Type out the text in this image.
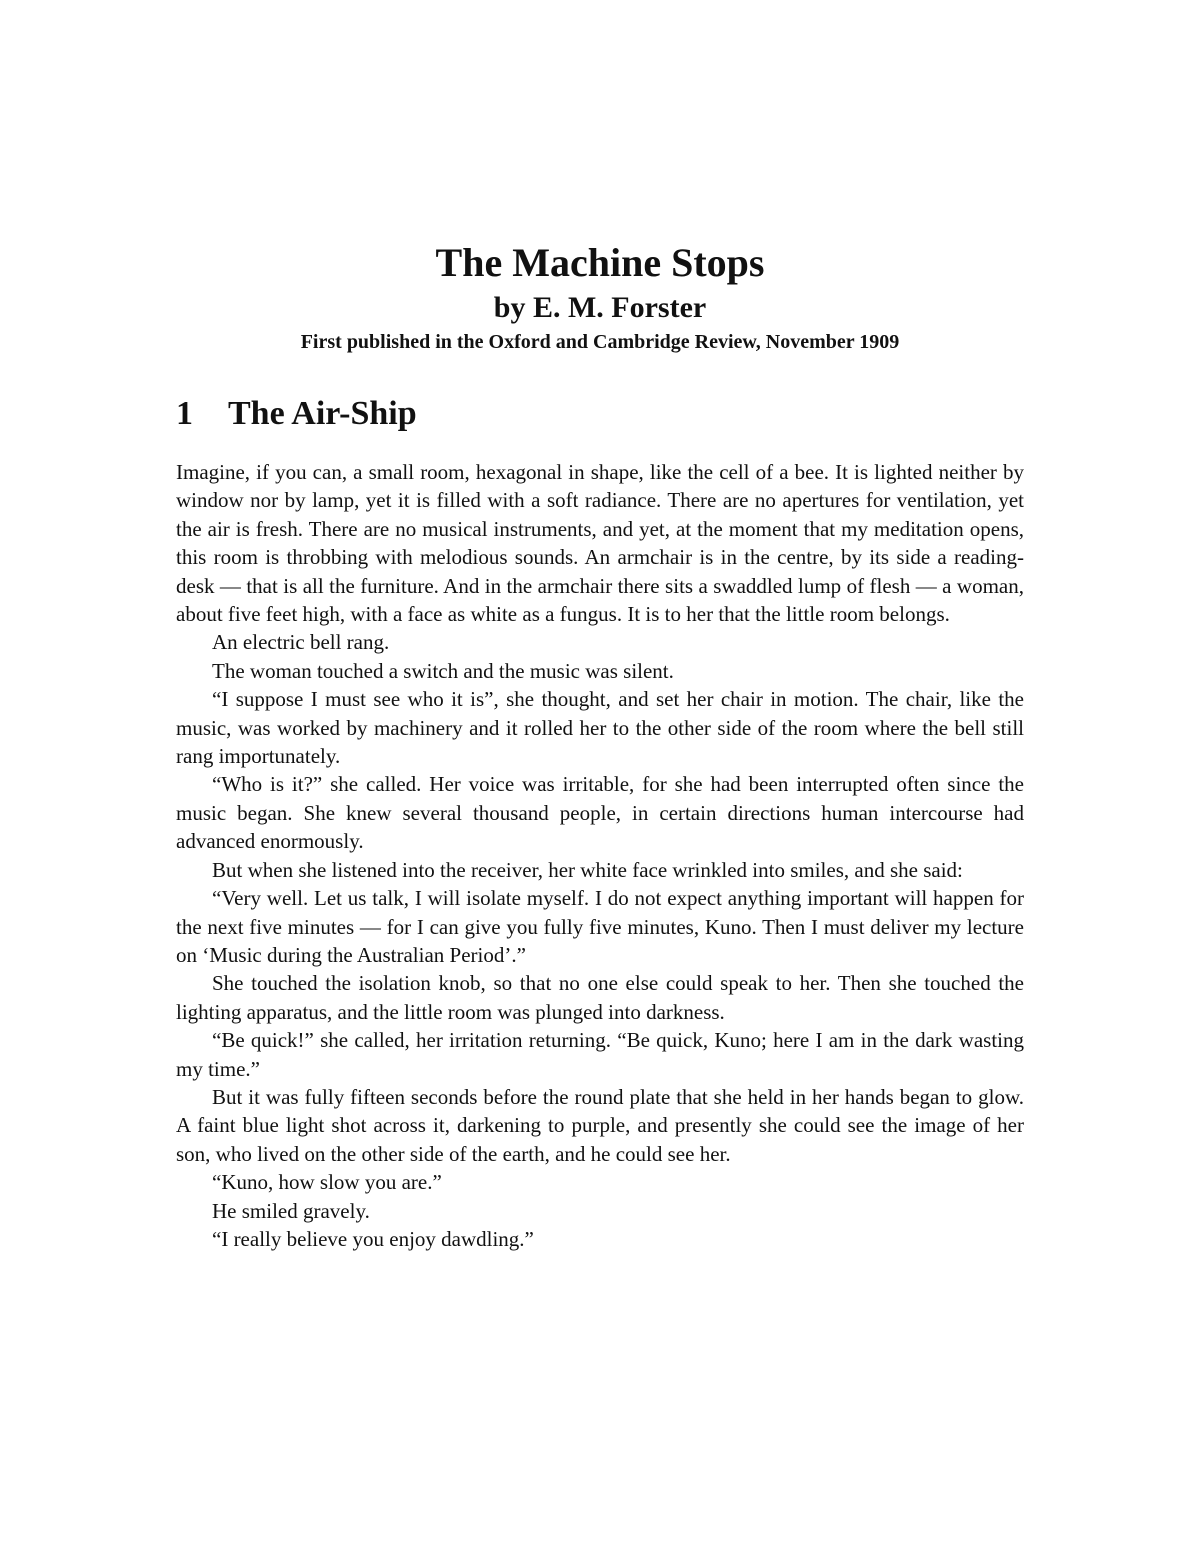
The Machine Stops
by E. M. Forster
First published in the Oxford and Cambridge Review, November 1909
1 The Air-Ship

Imagine, if you can, a small room, hexagonal in shape, like the cell of a bee. It is lighted neither by window nor by lamp, yet it is filled with a soft radiance. There are no apertures for ventilation, yet the air is fresh. There are no musical instruments, and yet, at the moment that my meditation opens, this room is throbbing with melodious sounds. An armchair is in the centre, by its side a reading-desk — that is all the furniture. And in the armchair there sits a swaddled lump of flesh — a woman, about five feet high, with a face as white as a fungus. It is to her that the little room belongs.

An electric bell rang.

The woman touched a switch and the music was silent.

“I suppose I must see who it is”, she thought, and set her chair in motion. The chair, like the music, was worked by machinery and it rolled her to the other side of the room where the bell still rang importunately.

“Who is it?” she called. Her voice was irritable, for she had been interrupted often since the music began. She knew several thousand people, in certain directions human intercourse had advanced enormously.

But when she listened into the receiver, her white face wrinkled into smiles, and she said:

“Very well. Let us talk, I will isolate myself. I do not expect anything important will happen for the next five minutes — for I can give you fully five minutes, Kuno. Then I must deliver my lecture on ‘Music during the Australian Period’.”

She touched the isolation knob, so that no one else could speak to her. Then she touched the lighting apparatus, and the little room was plunged into darkness.

“Be quick!” she called, her irritation returning. “Be quick, Kuno; here I am in the dark wasting my time.”

But it was fully fifteen seconds before the round plate that she held in her hands began to glow. A faint blue light shot across it, darkening to purple, and presently she could see the image of her son, who lived on the other side of the earth, and he could see her.

“Kuno, how slow you are.”

He smiled gravely.

“I really believe you enjoy dawdling.”
